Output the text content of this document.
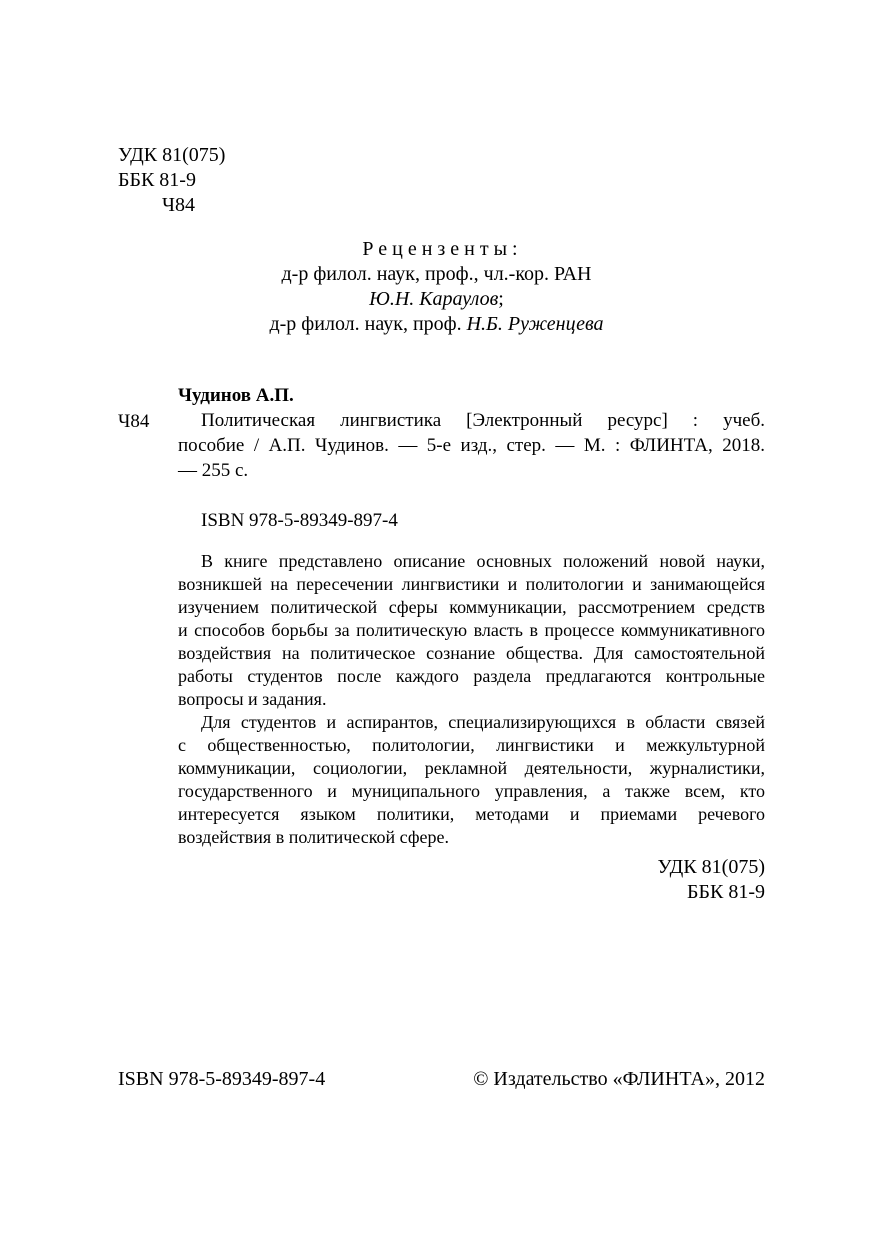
УДК 81(075)
ББК 81-9
Ч84
Рецензенты:
д-р филол. наук, проф., чл.-кор. РАН
Ю.Н. Караулов;
д-р филол. наук, проф. Н.Б. Руженцева
Чудинов А.П.
Ч84	Политическая лингвистика [Электронный ресурс] : учеб.
пособие / А.П. Чудинов. — 5-е изд., стер. — М. : ФЛИНТА, 2018.
— 255 с.
ISBN 978-5-89349-897-4
В книге представлено описание основных положений новой науки,
возникшей на пересечении лингвистики и политологии и занимающейся
изучением политической сферы коммуникации, рассмотрением средств
и способов борьбы за политическую власть в процессе коммуникативного
воздействия на политическое сознание общества. Для самостоятельной
работы студентов после каждого раздела предлагаются контрольные
вопросы и задания.
Для студентов и аспирантов, специализирующихся в области связей
с общественностью, политологии, лингвистики и межкультурной
коммуникации, социологии, рекламной деятельности, журналистики,
государственного и муниципального управления, а также всем, кто
интересуется языком политики, методами и приемами речевого
воздействия в политической сфере.
УДК 81(075)
ББК 81-9
ISBN 978-5-89349-897-4	© Издательство «ФЛИНТА», 2012
